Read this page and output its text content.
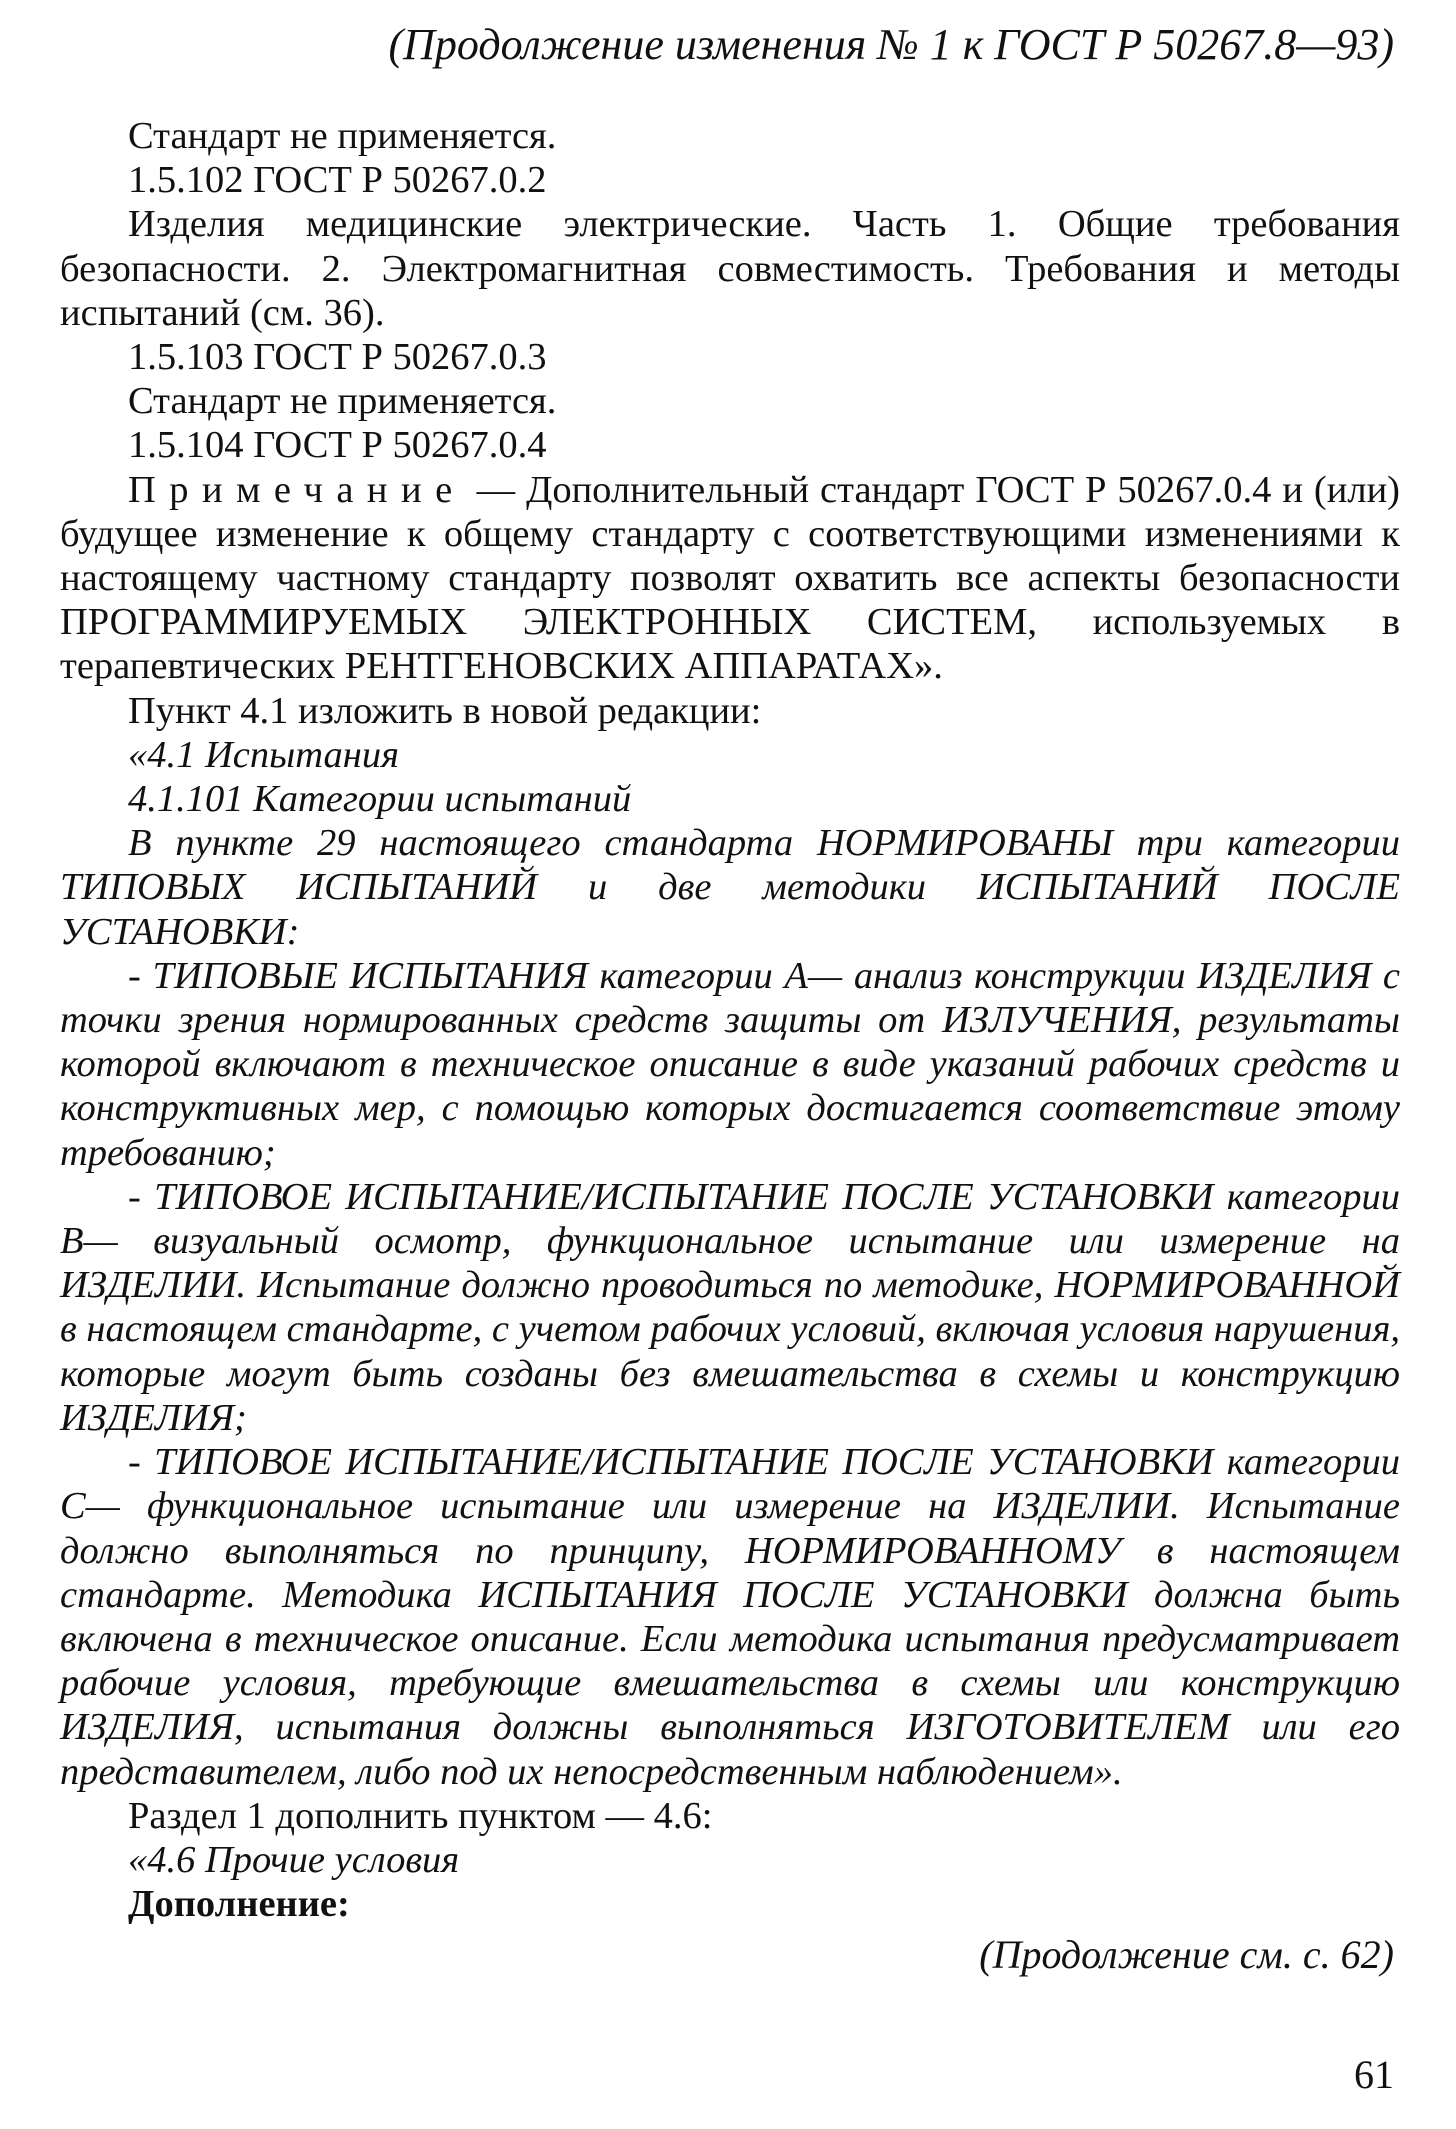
(Продолжение изменения № 1 к ГОСТ Р 50267.8—93)

Стандарт не применяется.

1.5.102 ГОСТ Р 50267.0.2

Изделия медицинские электрические. Часть 1. Общие требования безопасности. 2. Электромагнитная совместимость. Требования и методы испытаний (см. 36).

1.5.103 ГОСТ Р 50267.0.3

Стандарт не применяется.

1.5.104 ГОСТ Р 50267.0.4

Примечание — Дополнительный стандарт ГОСТ Р 50267.0.4 и (или) будущее изменение к общему стандарту с соответствующими изменениями к настоящему частному стандарту позволят охватить все аспекты безопасности ПРОГРАММИРУЕМЫХ ЭЛЕКТРОННЫХ СИСТЕМ, используемых в терапевтических РЕНТГЕНОВСКИХ АППАРАТАХ».

Пункт 4.1 изложить в новой редакции:

«4.1 Испытания

4.1.101 Категории испытаний

В пункте 29 настоящего стандарта НОРМИРОВАНЫ три категории ТИПОВЫХ ИСПЫТАНИЙ и две методики ИСПЫТАНИЙ ПОСЛЕ УСТАНОВКИ:

- ТИПОВЫЕ ИСПЫТАНИЯ категории А— анализ конструкции ИЗДЕЛИЯ с точки зрения нормированных средств защиты от ИЗЛУЧЕНИЯ, результаты которой включают в техническое описание в виде указаний рабочих средств и конструктивных мер, с помощью которых достигается соответствие этому требованию;

- ТИПОВОЕ ИСПЫТАНИЕ/ИСПЫТАНИЕ ПОСЛЕ УСТАНОВКИ категории В— визуальный осмотр, функциональное испытание или измерение на ИЗДЕЛИИ. Испытание должно проводиться по методике, НОРМИРОВАННОЙ в настоящем стандарте, с учетом рабочих условий, включая условия нарушения, которые могут быть созданы без вмешательства в схемы и конструкцию ИЗДЕЛИЯ;

- ТИПОВОЕ ИСПЫТАНИЕ/ИСПЫТАНИЕ ПОСЛЕ УСТАНОВКИ категории С— функциональное испытание или измерение на ИЗДЕЛИИ. Испытание должно выполняться по принципу, НОРМИРОВАННОМУ в настоящем стандарте. Методика ИСПЫТАНИЯ ПОСЛЕ УСТАНОВКИ должна быть включена в техническое описание. Если методика испытания предусматривает рабочие условия, требующие вмешательства в схемы или конструкцию ИЗДЕЛИЯ, испытания должны выполняться ИЗГОТОВИТЕЛЕМ или его представителем, либо под их непосредственным наблюдением».

Раздел 1 дополнить пунктом — 4.6:

«4.6 Прочие условия

Дополнение:

(Продолжение см. с. 62)
61
